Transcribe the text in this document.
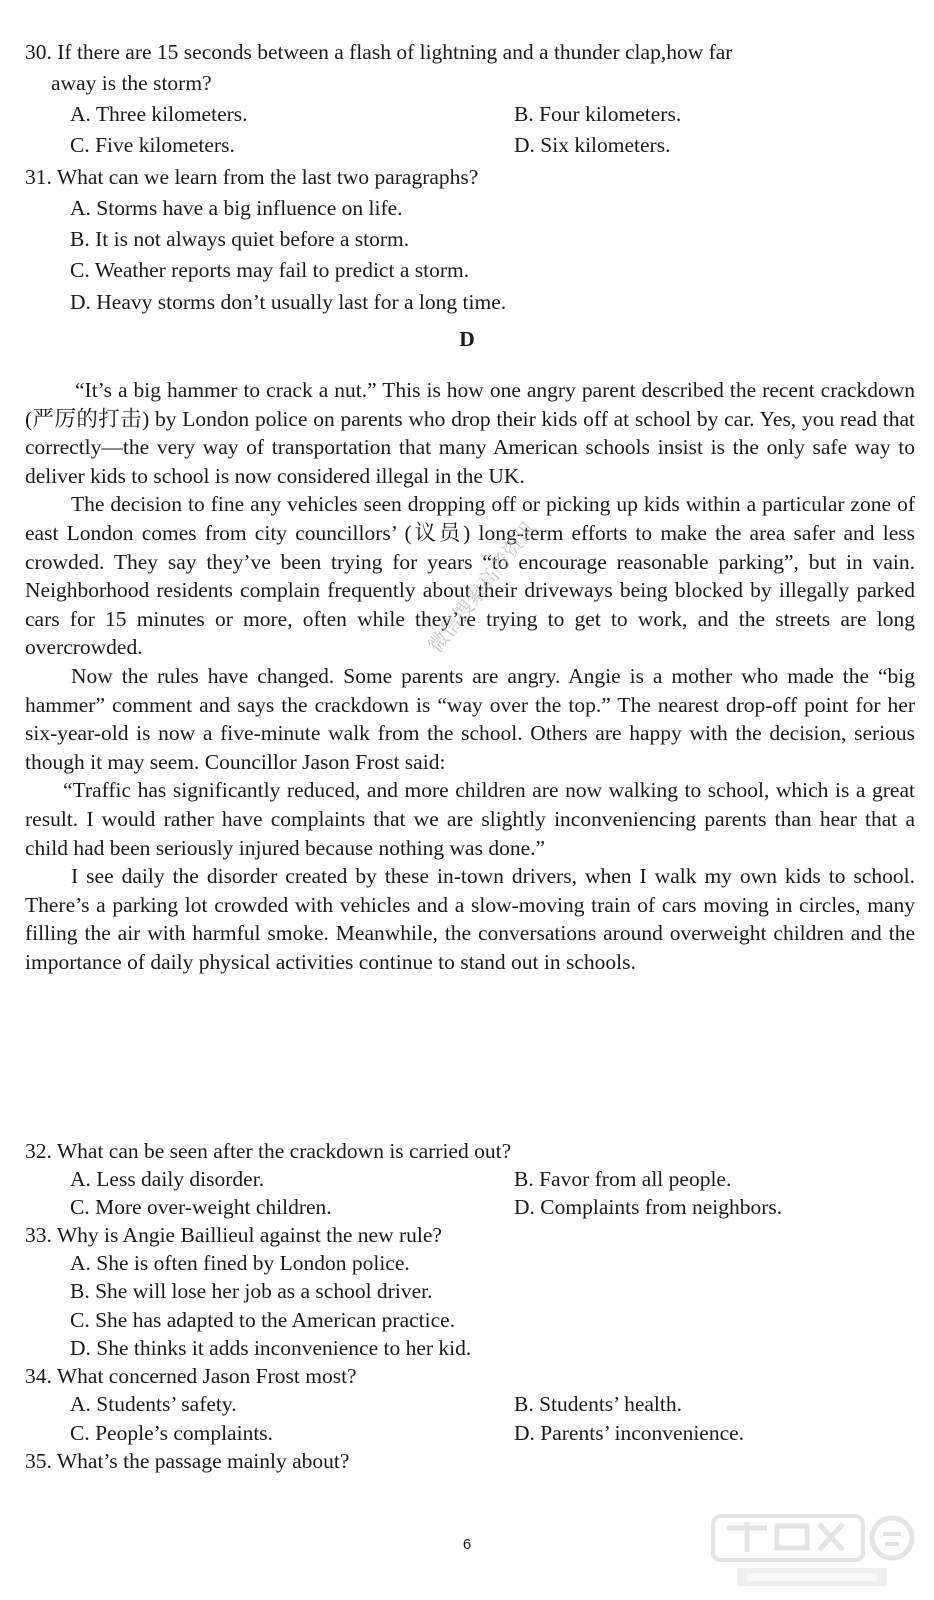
30. If there are 15 seconds between a flash of lightning and a thunder clap,how far
away is the storm?
A. Three kilometers.	B. Four kilometers.
C. Five kilometers.	D. Six kilometers.
31. What can we learn from the last two paragraphs?
A. Storms have a big influence on life.
B. It is not always quiet before a storm.
C. Weather reports may fail to predict a storm.
D. Heavy storms don’t usually last for a long time.
D

“It’s a big hammer to crack a nut.” This is how one angry parent described the recent crackdown (严厉的打击) by London police on parents who drop their kids off at school by car. Yes, you read that correctly—the very way of transportation that many American schools insist is the only safe way to deliver kids to school is now considered illegal in the UK.

The decision to fine any vehicles seen dropping off or picking up kids within a particular zone of east London comes from city councillors’ (议员) long-term efforts to make the area safer and less crowded. They say they’ve been trying for years “to encourage reasonable parking”, but in vain. Neighborhood residents complain frequently about their driveways being blocked by illegally parked cars for 15 minutes or more, often while they’re trying to get to work, and the streets are long overcrowded.

Now the rules have changed. Some parents are angry. Angie is a mother who made the “big hammer” comment and says the crackdown is “way over the top.” The nearest drop-off point for her six-year-old is now a five-minute walk from the school. Others are happy with the decision, serious though it may seem. Councillor Jason Frost said:

“Traffic has significantly reduced, and more children are now walking to school, which is a great result. I would rather have complaints that we are slightly inconveniencing parents than hear that a child had been seriously injured because nothing was done.”

I see daily the disorder created by these in-town drivers, when I walk my own kids to school. There’s a parking lot crowded with vehicles and a slow-moving train of cars moving in circles, many filling the air with harmful smoke. Meanwhile, the conversations around overweight children and the importance of daily physical activities continue to stand out in schools.

32. What can be seen after the crackdown is carried out?
A. Less daily disorder.	B. Favor from all people.
C. More over-weight children.	D. Complaints from neighbors.
33. Why is Angie Baillieul against the new rule?
A. She is often fined by London police.
B. She will lose her job as a school driver.
C. She has adapted to the American practice.
D. She thinks it adds inconvenience to her kid.
34. What concerned Jason Frost most?
A. Students’ safety.	B. Students’ health.
C. People’s complaints.	D. Parents’ inconvenience.
35. What’s the passage mainly about?
6
微信搜索高考资讯
